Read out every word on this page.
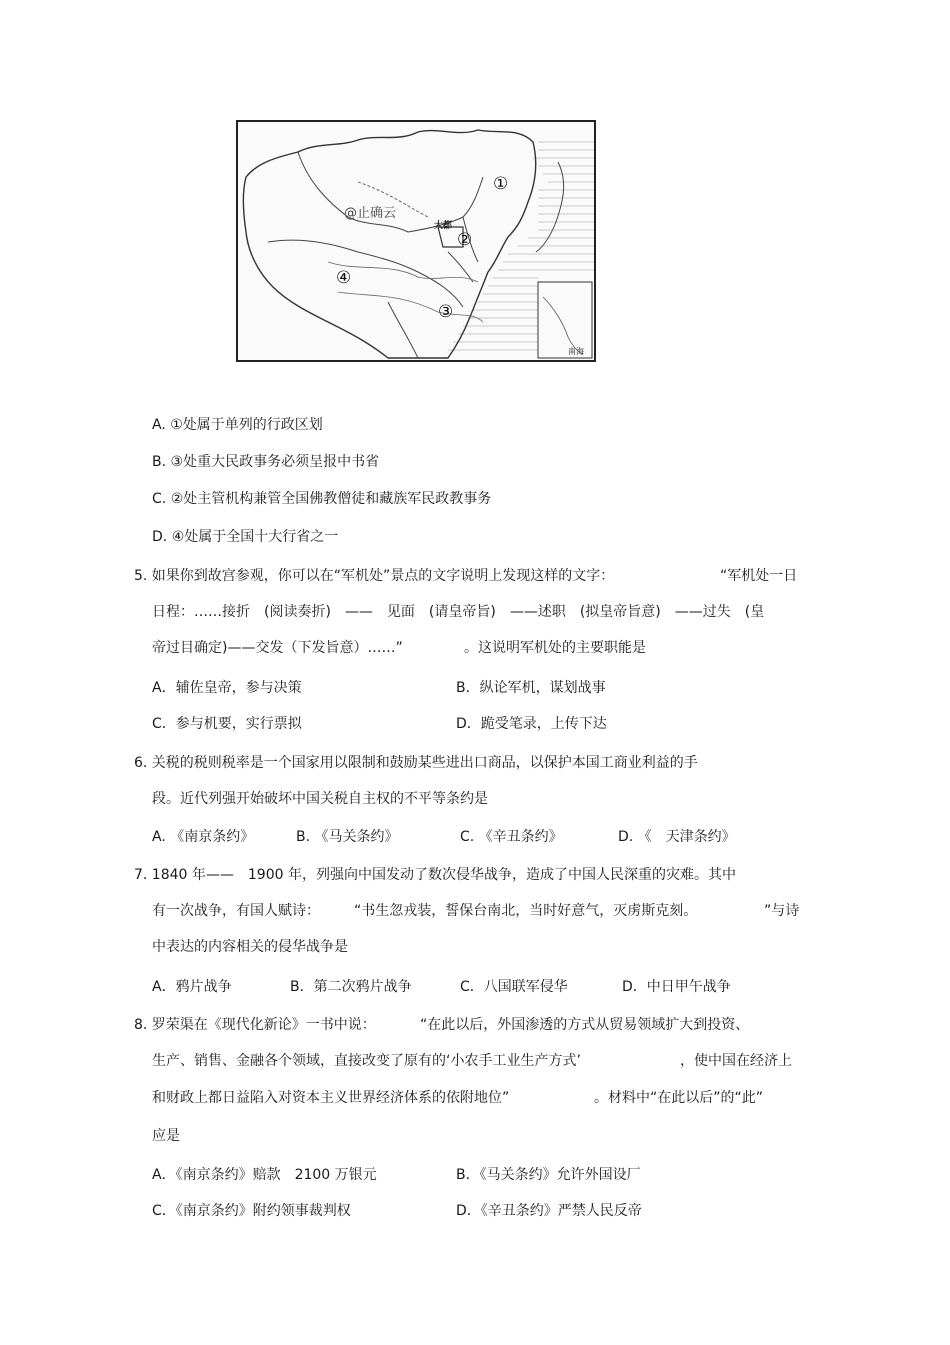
@止确云
大都
①
②
③
④
南海
A. ①处属于单列的行政区划
B. ③处重大民政事务必须呈报中书省
C. ②处主管机构兼管全国佛教僧徒和藏族军民政教事务
D. ④处属于全国十大行省之一
5. 如果你到故宫参观，你可以在“军机处”景点的文字说明上发现这样的文字：	“军机处一日
日程：……接折　(阅读奏折)　——　见面　(请皇帝旨)　——述职　(拟皇帝旨意)　——过失　(皇
帝过目确定)——交发（下发旨意）……”	。这说明军机处的主要职能是
A．辅佐皇帝，参与决策	B．纵论军机，谋划战事
C．参与机要，实行票拟	D．跪受笔录，上传下达
6. 关税的税则税率是一个国家用以限制和鼓励某些进出口商品，以保护本国工商业利益的手
段。近代列强开始破坏中国关税自主权的不平等条约是
A. 《南京条约》	B. 《马关条约》	C. 《辛丑条约》	D. 《　天津条约》
7. 1840 年——　1900 年，列强向中国发动了数次侵华战争，造成了中国人民深重的灾难。其中
有一次战争，有国人赋诗： “书生忽戎装，誓保台南北，当时好意气，灭虏斯克刻。	”与诗
中表达的内容相关的侵华战争是
A．鸦片战争	B．第二次鸦片战争	C．八国联军侵华	D．中日甲午战争
8. 罗荣渠在《现代化新论》一书中说：	“在此以后，外国渗透的方式从贸易领域扩大到投资、
生产、销售、金融各个领域，直接改变了原有的‘小农手工业生产方式’	，使中国在经济上
和财政上都日益陷入对资本主义世界经济体系的依附地位”	。材料中“在此以后”的“此”
应是
A．《南京条约》赔款　2100 万银元	B．《马关条约》允许外国设厂
C．《南京条约》附约领事裁判权	D．《辛丑条约》严禁人民反帝
